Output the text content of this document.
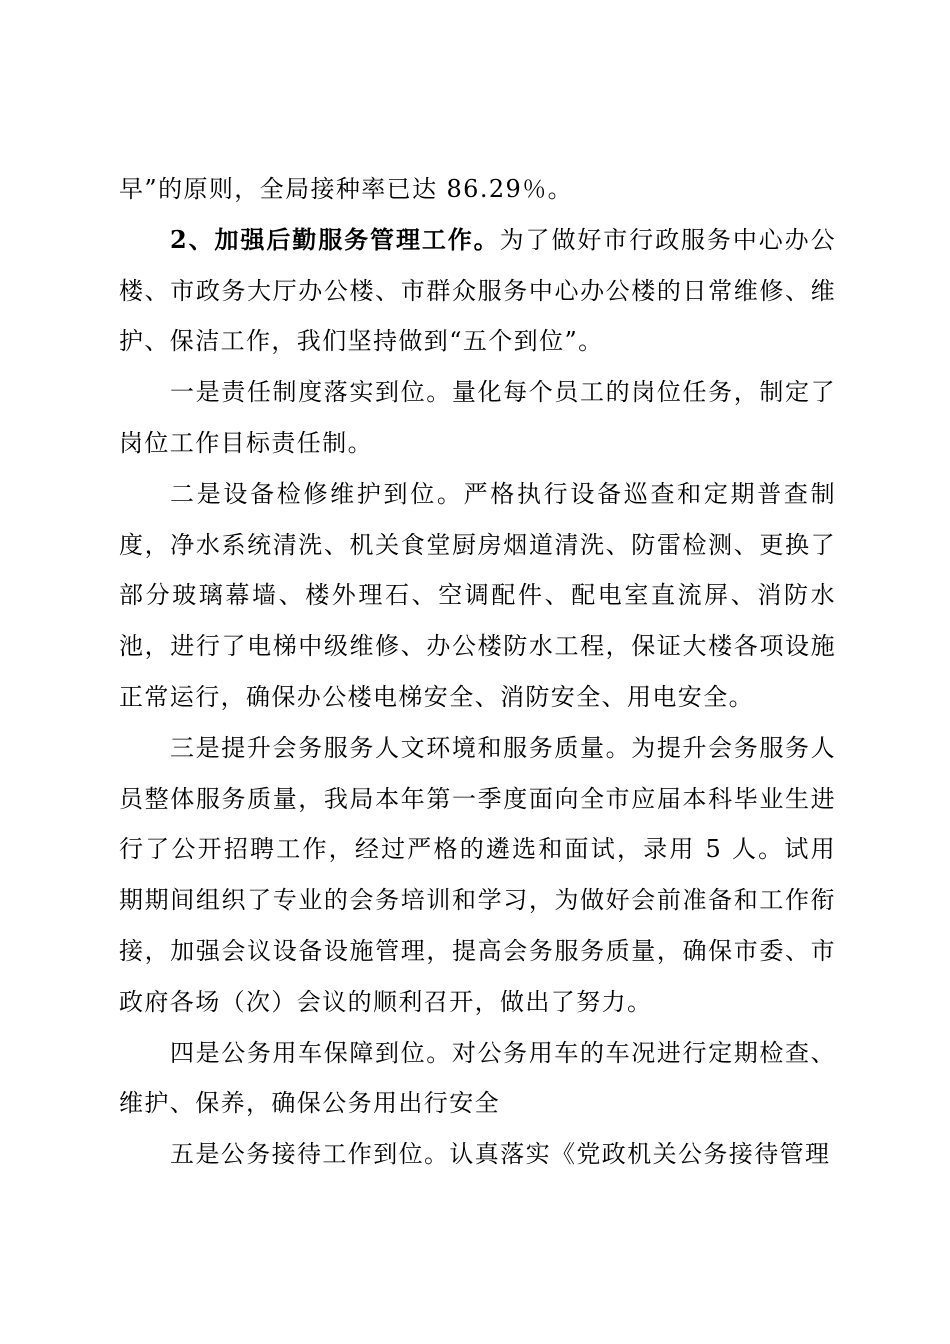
早”的原则，全局接种率已达 86.29％。

2、加强后勤服务管理工作。为了做好市行政服务中心办公楼、市政务大厅办公楼、市群众服务中心办公楼的日常维修、维护、保洁工作，我们坚持做到“五个到位”。

一是责任制度落实到位。量化每个员工的岗位任务，制定了岗位工作目标责任制。

二是设备检修维护到位。严格执行设备巡查和定期普查制度，净水系统清洗、机关食堂厨房烟道清洗、防雷检测、更换了部分玻璃幕墙、楼外理石、空调配件、配电室直流屏、消防水池，进行了电梯中级维修、办公楼防水工程，保证大楼各项设施正常运行，确保办公楼电梯安全、消防安全、用电安全。

三是提升会务服务人文环境和服务质量。为提升会务服务人员整体服务质量，我局本年第一季度面向全市应届本科毕业生进行了公开招聘工作，经过严格的遴选和面试，录用 5 人。试用期期间组织了专业的会务培训和学习，为做好会前准备和工作衔接，加强会议设备设施管理，提高会务服务质量，确保市委、市政府各场（次）会议的顺利召开，做出了努力。

四是公务用车保障到位。对公务用车的车况进行定期检查、维护、保养，确保公务用出行安全

五是公务接待工作到位。认真落实《党政机关公务接待管理
